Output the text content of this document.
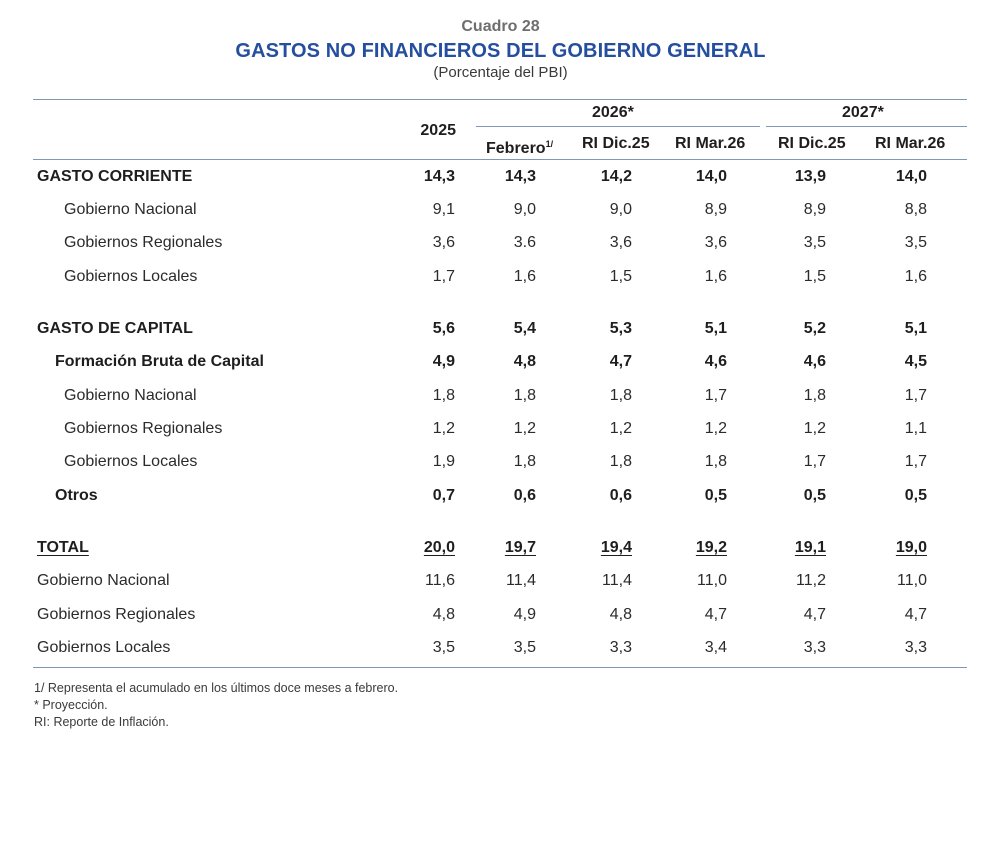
Cuadro 28
GASTOS NO FINANCIEROS DEL GOBIERNO GENERAL
(Porcentaje del PBI)
2026*	2027*
2025
Febrero$^{1/}$ RI Dic.25 RI Mar.26 RI Dic.25 RI Mar.26
GASTO CORRIENTE	14,3	14,3	14,2	14,0	13,9	14,0
Gobierno Nacional	9,1	9,0	9,0	8,9	8,9	8,8
Gobiernos Regionales	3,6	3.6	3,6	3,6	3,5	3,5
Gobiernos Locales	1,7	1,6	1,5	1,6	1,5	1,6
GASTO DE CAPITAL	5,6	5,4	5,3	5,1	5,2	5,1
Formación Bruta de Capital	4,9	4,8	4,7	4,6	4,6	4,5
Gobierno Nacional	1,8	1,8	1,8	1,7	1,8	1,7
Gobiernos Regionales	1,2	1,2	1,2	1,2	1,2	1,1
Gobiernos Locales	1,9	1,8	1,8	1,8	1,7	1,7
Otros	0,7	0,6	0,6	0,5	0,5	0,5
TOTAL	20,0	19,7	19,4	19,2	19,1	19,0
Gobierno Nacional	11,6	11,4	11,4	11,0	11,2	11,0
Gobiernos Regionales	4,8	4,9	4,8	4,7	4,7	4,7
Gobiernos Locales	3,5	3,5	3,3	3,4	3,3	3,3
1/ Representa el acumulado en los últimos doce meses a febrero.
* Proyección.
RI: Reporte de Inflación.
